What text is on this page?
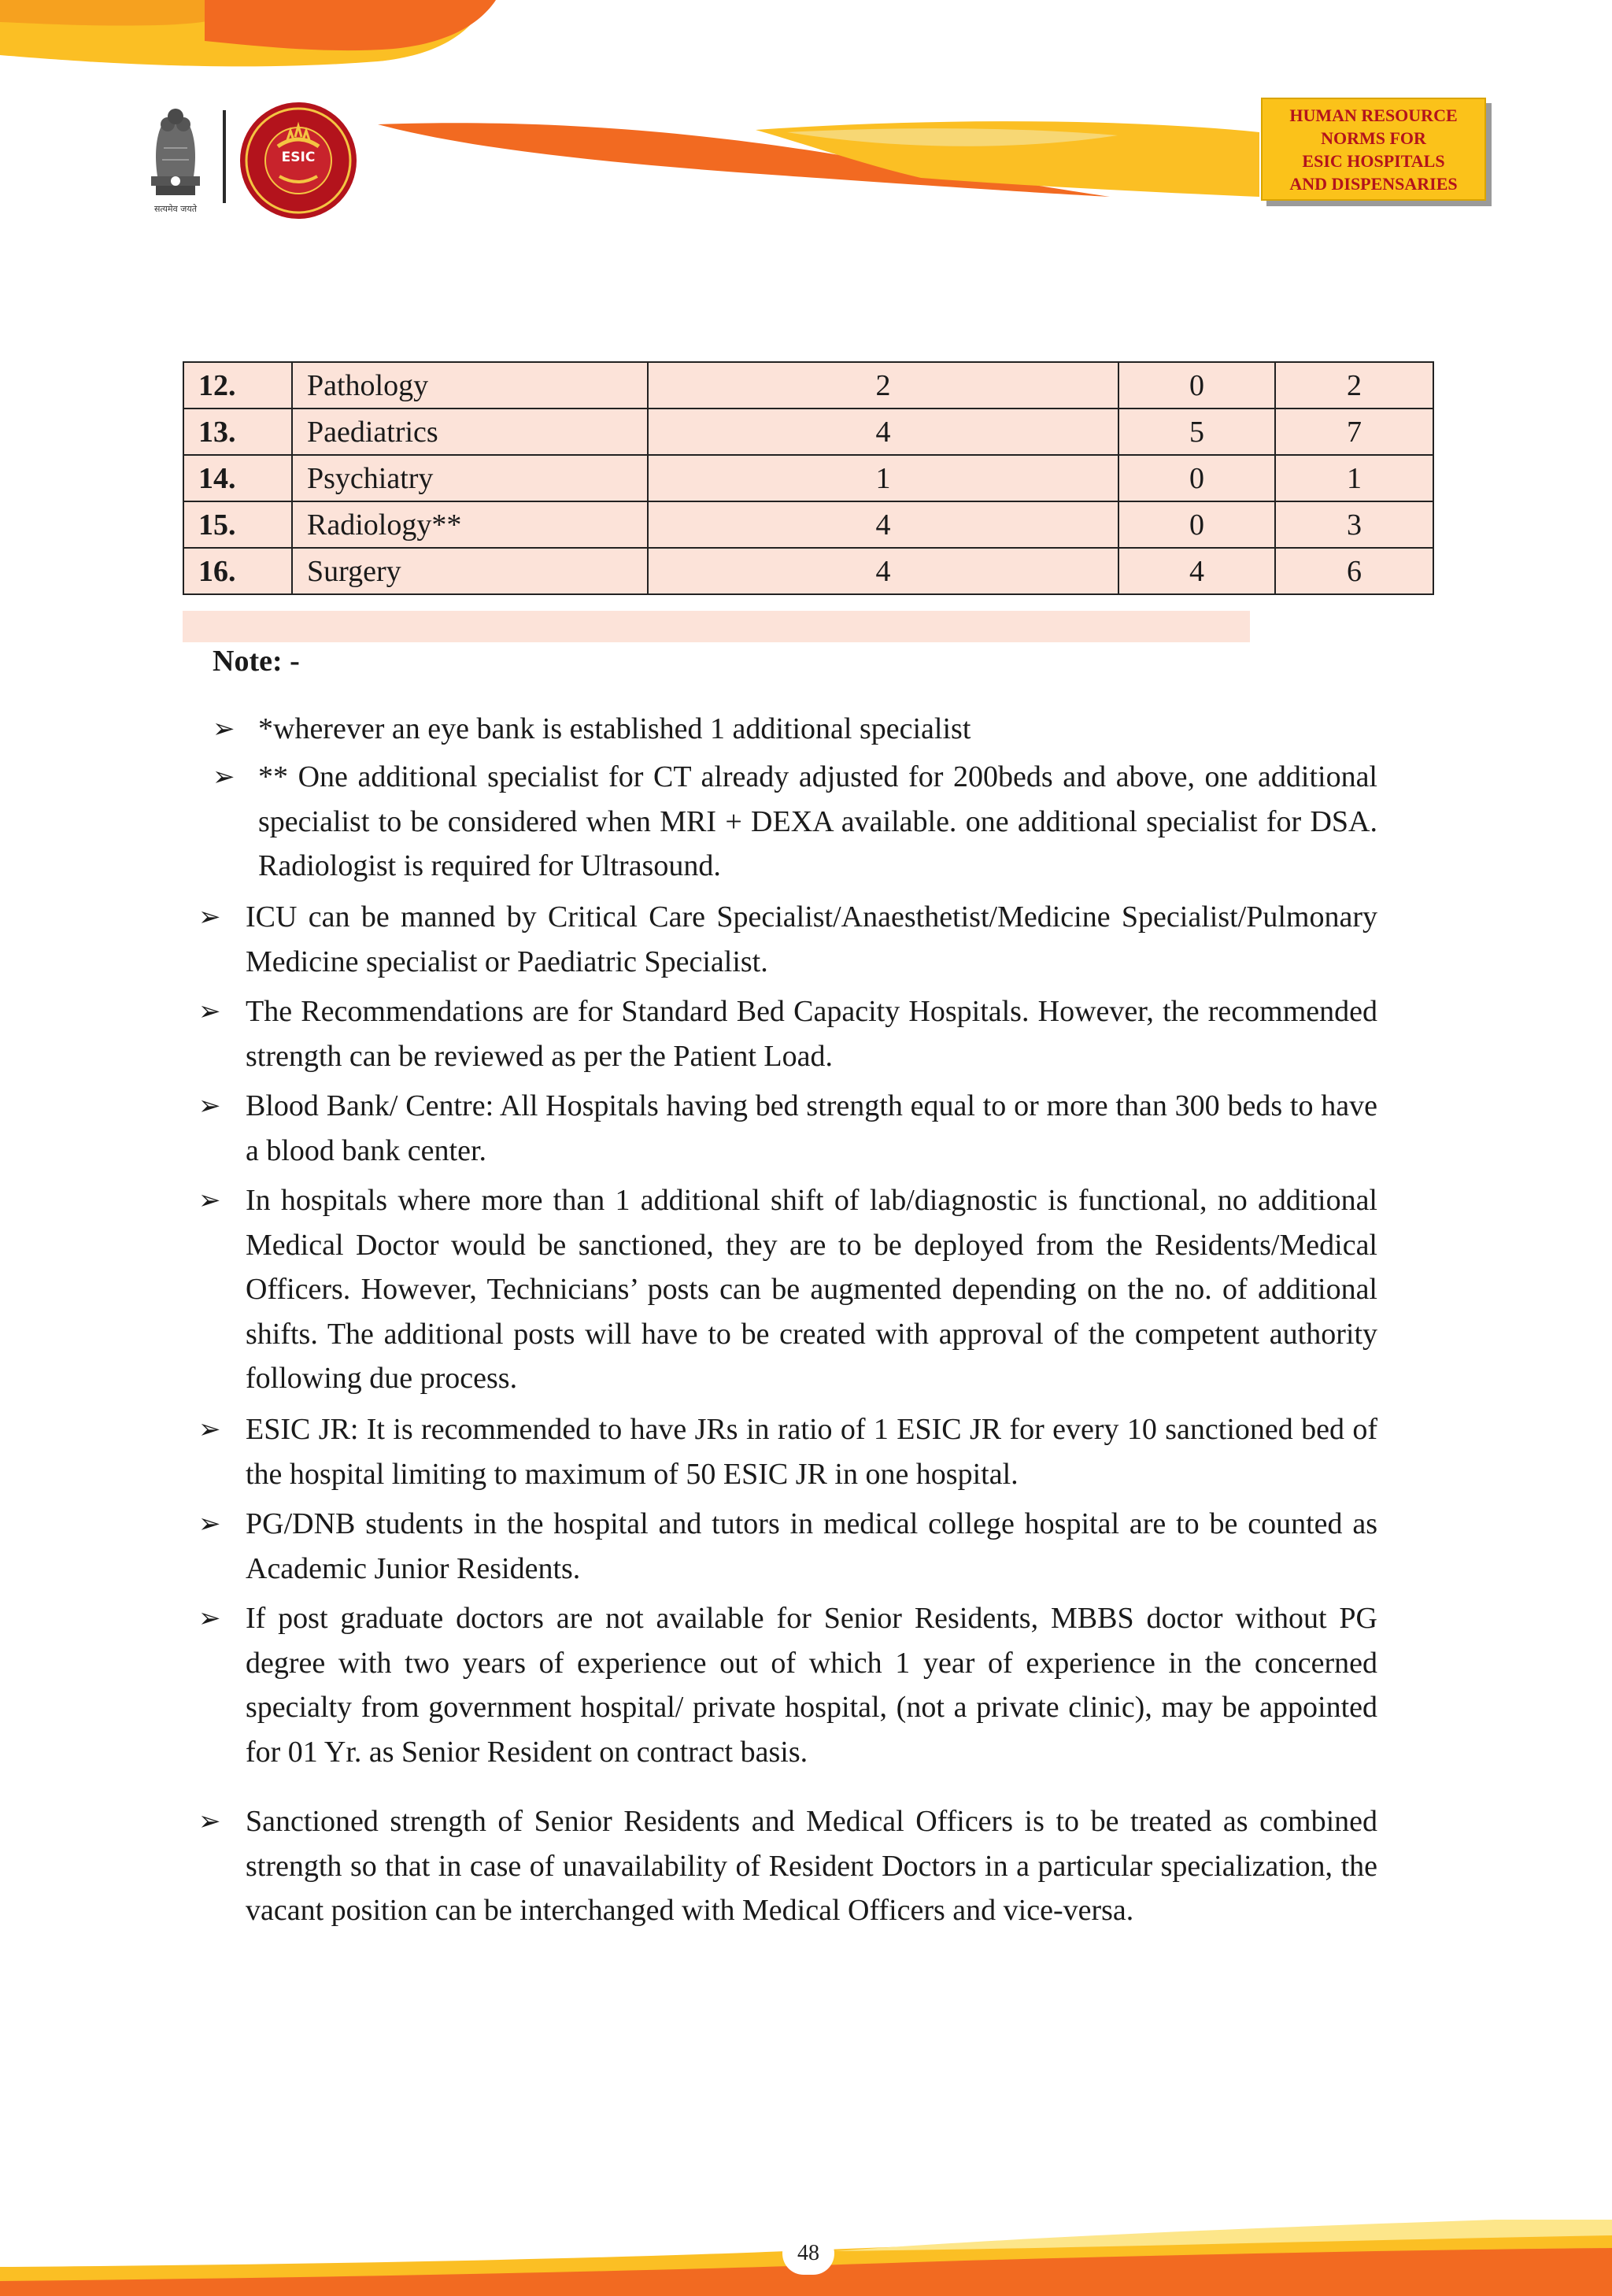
सत्यमेव जयते
ESIC
HUMAN RESOURCE
NORMS FOR
ESIC HOSPITALS
AND DISPENSARIES
12.	Pathology	2	0	2
13.	Paediatrics	4	5	7
14.	Psychiatry	1	0	1
15.	Radiology**	4	0	3
16.	Surgery	4	4	6
Note: -
➢ *wherever an eye bank is established 1 additional specialist
➢ ** One additional specialist for CT already adjusted for 200beds and above, one additional specialist to be considered when MRI + DEXA available. one additional specialist for DSA. Radiologist is required for Ultrasound.
➢ ICU can be manned by Critical Care Specialist/Anaesthetist/Medicine Specialist/Pulmonary Medicine specialist or Paediatric Specialist.
➢ The Recommendations are for Standard Bed Capacity Hospitals. However, the recommended strength can be reviewed as per the Patient Load.
➢ Blood Bank/ Centre: All Hospitals having bed strength equal to or more than 300 beds to have a blood bank center.
➢ In hospitals where more than 1 additional shift of lab/diagnostic is functional, no additional Medical Doctor would be sanctioned, they are to be deployed from the Residents/Medical Officers. However, Technicians’ posts can be augmented depending on the no. of additional shifts. The additional posts will have to be created with approval of the competent authority following due process.
➢ ESIC JR: It is recommended to have JRs in ratio of 1 ESIC JR for every 10 sanctioned bed of the hospital limiting to maximum of 50 ESIC JR in one hospital.
➢ PG/DNB students in the hospital and tutors in medical college hospital are to be counted as Academic Junior Residents.
➢ If post graduate doctors are not available for Senior Residents, MBBS doctor without PG degree with two years of experience out of which 1 year of experience in the concerned specialty from government hospital/ private hospital, (not a private clinic), may be appointed for 01 Yr. as Senior Resident on contract basis.
➢ Sanctioned strength of Senior Residents and Medical Officers is to be treated as combined strength so that in case of unavailability of Resident Doctors in a particular specialization, the vacant position can be interchanged with Medical Officers and vice-versa.
48
